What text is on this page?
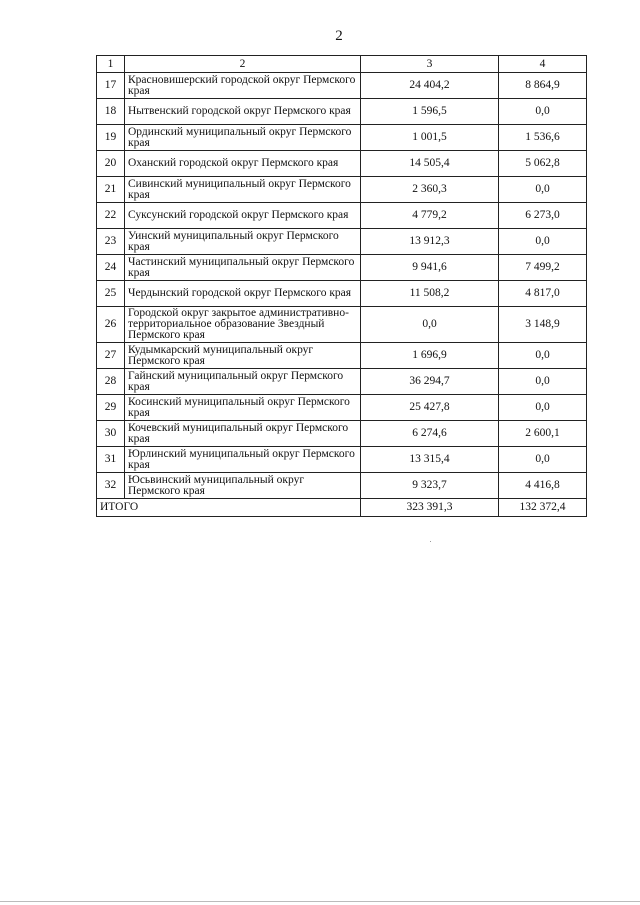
2
1	2	3	4
17	Красновишерский городской округ Пермского края	24 404,2	8 864,9
18	Нытвенский городской округ Пермского края	1 596,5	0,0
19	Ординский муниципальный округ Пермского края	1 001,5	1 536,6
20	Оханский городской округ Пермского края	14 505,4	5 062,8
21	Сивинский муниципальный округ Пермского края	2 360,3	0,0
22	Суксунский городской округ Пермского края	4 779,2	6 273,0
23	Уинский муниципальный округ Пермского края	13 912,3	0,0
24	Частинский муниципальный округ Пермского края	9 941,6	7 499,2
25	Чердынский городской округ Пермского края	11 508,2	4 817,0
26	Городской округ закрытое административно-территориальное образование Звездный Пермского края	0,0	3 148,9
27	Кудымкарский муниципальный округ Пермского края	1 696,9	0,0
28	Гайнский муниципальный округ Пермского края	36 294,7	0,0
29	Косинский муниципальный округ Пермского края	25 427,8	0,0
30	Кочевский муниципальный округ Пермского края	6 274,6	2 600,1
31	Юрлинский муниципальный округ Пермского края	13 315,4	0,0
32	Юсьвинский муниципальный округ Пермского края	9 323,7	4 416,8
ИТОГО		323 391,3	132 372,4
